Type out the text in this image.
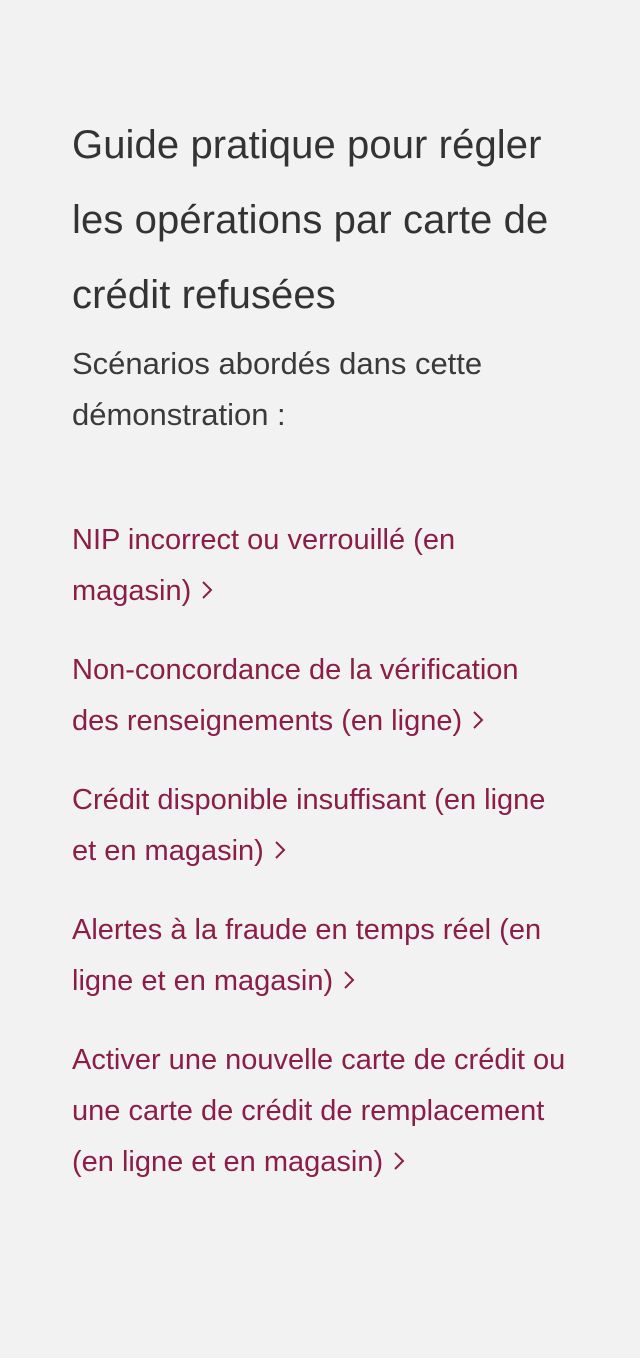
Guide pratique pour régler les opérations par carte de crédit refusées

Scénarios abordés dans cette démonstration :

NIP incorrect ou verrouillé (en magasin)
Non-concordance de la vérification des renseignements (en ligne)
Crédit disponible insuffisant (en ligne et en magasin)
Alertes à la fraude en temps réel (en ligne et en magasin)
Activer une nouvelle carte de crédit ou une carte de crédit de remplacement (en ligne et en magasin)
